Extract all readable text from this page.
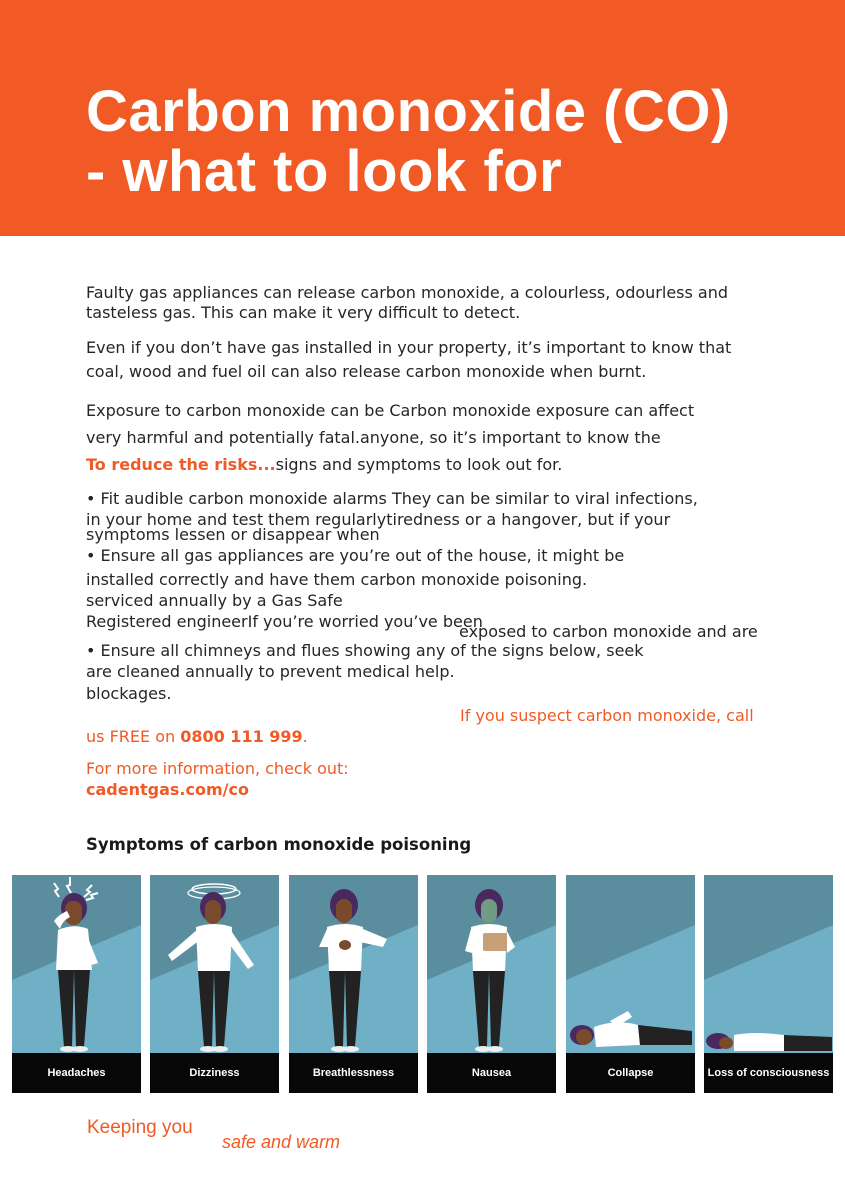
Carbon monoxide (CO)
- what to look for
Faulty gas appliances can release carbon monoxide, a colourless, odourless and
tasteless gas. This can make it very difficult to detect.
Even if you don’t have gas installed in your property, it’s important to know that
coal, wood and fuel oil can also release carbon monoxide when burnt.
Exposure to carbon monoxide can be Carbon monoxide exposure can affect
very harmful and potentially fatal.anyone, so it’s important to know the
To reduce the risks...signs and symptoms to look out for.
• Fit audible carbon monoxide alarms They can be similar to viral infections,
in your home and test them regularlytiredness or a hangover, but if your
symptoms lessen or disappear when
• Ensure all gas appliances are you’re out of the house, it might be
installed correctly and have them carbon monoxide poisoning.
serviced annually by a Gas Safe
Registered engineerIf you’re worried you’ve been
exposed to carbon monoxide and are
• Ensure all chimneys and flues showing any of the signs below, seek
are cleaned annually to prevent medical help.
blockages.
If you suspect carbon monoxide, call
us FREE on 0800 111 999.
For more information, check out:
cadentgas.com/co
Symptoms of carbon monoxide poisoning
Headaches	Dizziness	Breathlessness	Nausea	Collapse	Loss of consciousness
Keeping you
safe and warm
